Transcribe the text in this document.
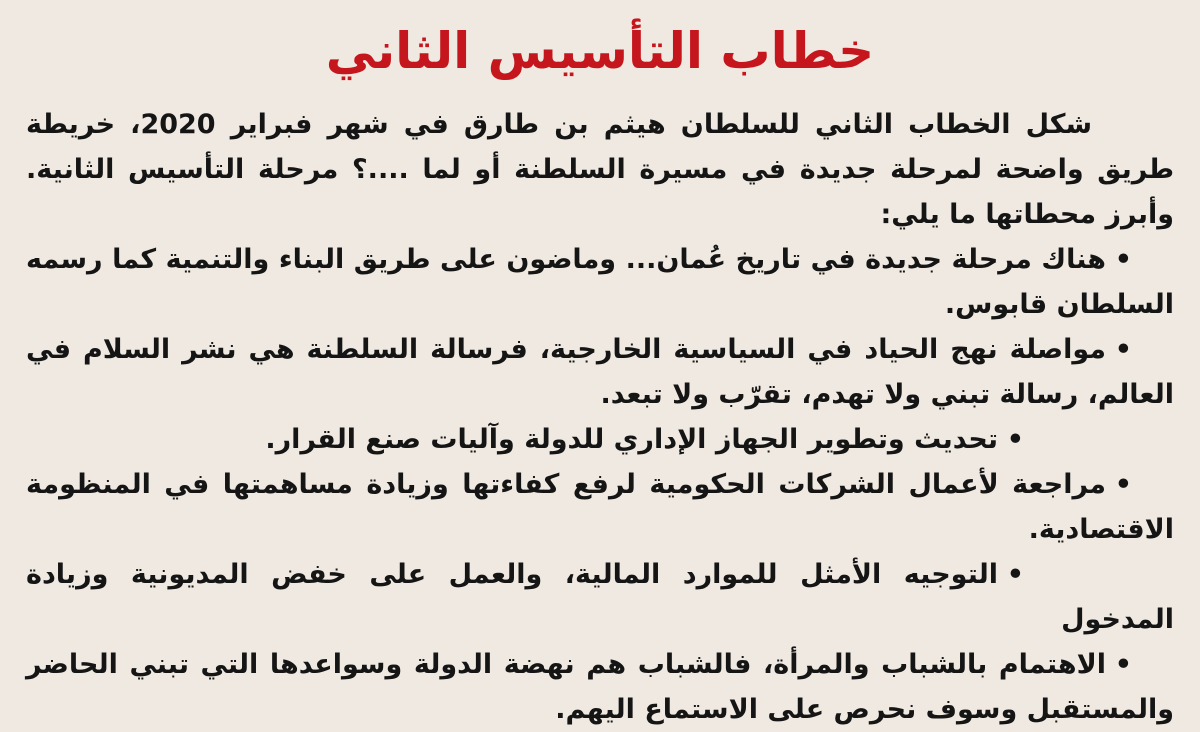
خطاب التأسيس الثاني

شكل الخطاب الثاني للسلطان هيثم بن طارق في شهر فبراير 2020، خريطة طريق واضحة لمرحلة جديدة في مسيرة السلطنة أو لما ....؟ مرحلة التأسيس الثانية. وأبرز محطاتها ما يلي:

•هناك مرحلة جديدة في تاريخ عُمان... وماضون على طريق البناء والتنمية كما رسمه السلطان قابوس.
•مواصلة نهج الحياد في السياسية الخارجية، فرسالة السلطنة هي نشر السلام في العالم، رسالة تبني ولا تهدم، تقرّب ولا تبعد.
•تحديث وتطوير الجهاز الإداري للدولة وآليات صنع القرار.
•مراجعة لأعمال الشركات الحكومية لرفع كفاءتها وزيادة مساهمتها في المنظومة الاقتصادية.
•التوجيه الأمثل للموارد المالية، والعمل على خفض المديونية وزيادة المدخول
•الاهتمام بالشباب والمرأة، فالشباب هم نهضة الدولة وسواعدها التي تبني الحاضر والمستقبل وسوف نحرص على الاستماع اليهم.
